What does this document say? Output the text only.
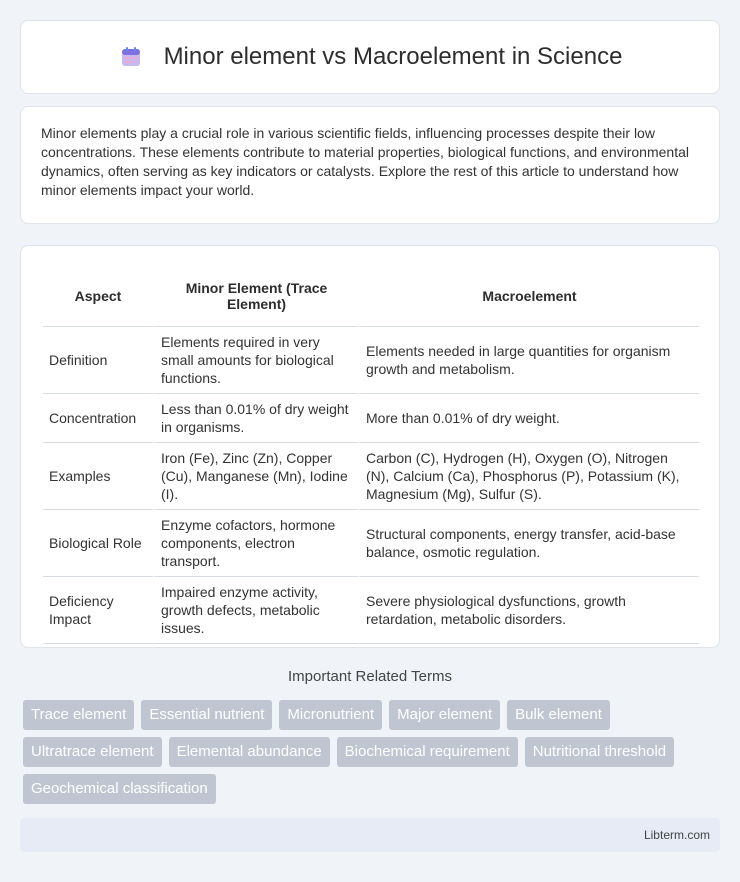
Minor element vs Macroelement in Science

Minor elements play a crucial role in various scientific fields, influencing processes despite their low concentrations. These elements contribute to material properties, biological functions, and environmental dynamics, often serving as key indicators or catalysts. Explore the rest of this article to understand how minor elements impact your world.

Aspect	Minor Element (Trace Element)	Macroelement
Definition	Elements required in very small amounts for biological functions.	Elements needed in large quantities for organism growth and metabolism.
Concentration	Less than 0.01% of dry weight in organisms.	More than 0.01% of dry weight.
Examples	Iron (Fe), Zinc (Zn), Copper (Cu), Manganese (Mn), Iodine (I).	Carbon (C), Hydrogen (H), Oxygen (O), Nitrogen (N), Calcium (Ca), Phosphorus (P), Potassium (K), Magnesium (Mg), Sulfur (S).
Biological Role	Enzyme cofactors, hormone components, electron transport.	Structural components, energy transfer, acid-base balance, osmotic regulation.
Deficiency Impact	Impaired enzyme activity, growth defects, metabolic issues.	Severe physiological dysfunctions, growth retardation, metabolic disorders.
Important Related Terms
Trace element	Essential nutrient	Micronutrient	Major element	Bulk element
Ultratrace element	Elemental abundance	Biochemical requirement	Nutritional threshold
Geochemical classification
Libterm.com
